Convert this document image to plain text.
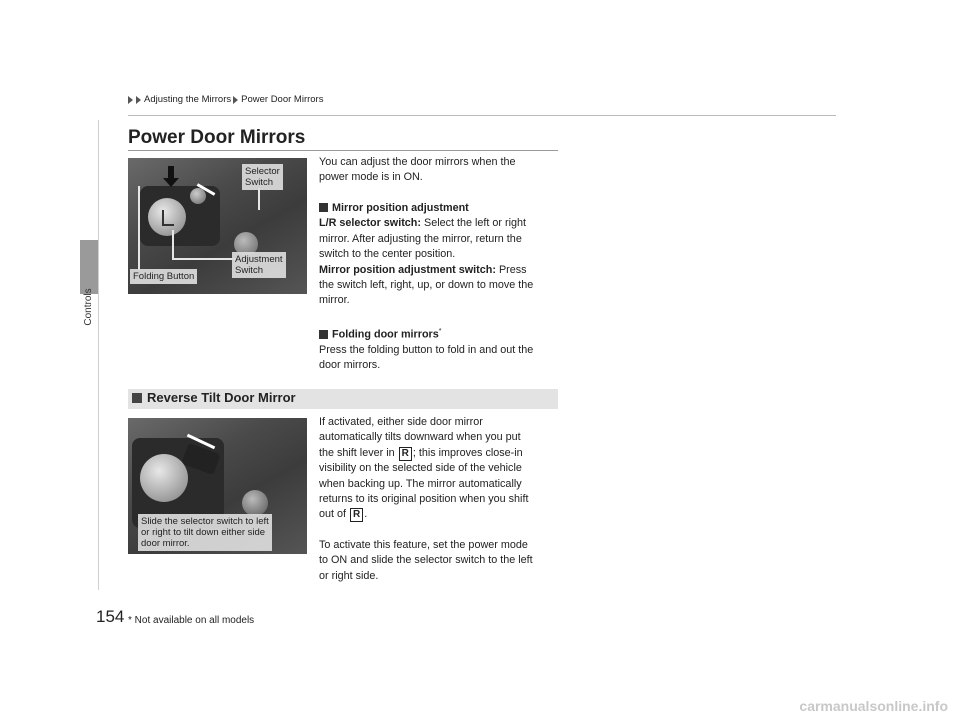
Controls
Adjusting the Mirrors Power Door Mirrors
Power Door Mirrors
Selector
Switch
Adjustment
Switch
Folding Button
You can adjust the door mirrors when the
power mode is in ON.
Mirror position adjustment
L/R selector switch: Select the left or right
mirror. After adjusting the mirror, return the
switch to the center position.
Mirror position adjustment switch: Press
the switch left, right, up, or down to move the
mirror.
Folding door mirrors*
Press the folding button to fold in and out the
door mirrors.
Reverse Tilt Door Mirror
Slide the selector switch to left
or right to tilt down either side
door mirror.
If activated, either side door mirror
automatically tilts downward when you put
the shift lever in R ; this improves close-in
visibility on the selected side of the vehicle
when backing up. The mirror automatically
returns to its original position when you shift
out of R .
To activate this feature, set the power mode
to ON and slide the selector switch to the left
or right side.
154 * Not available on all models
carmanualsonline.info
